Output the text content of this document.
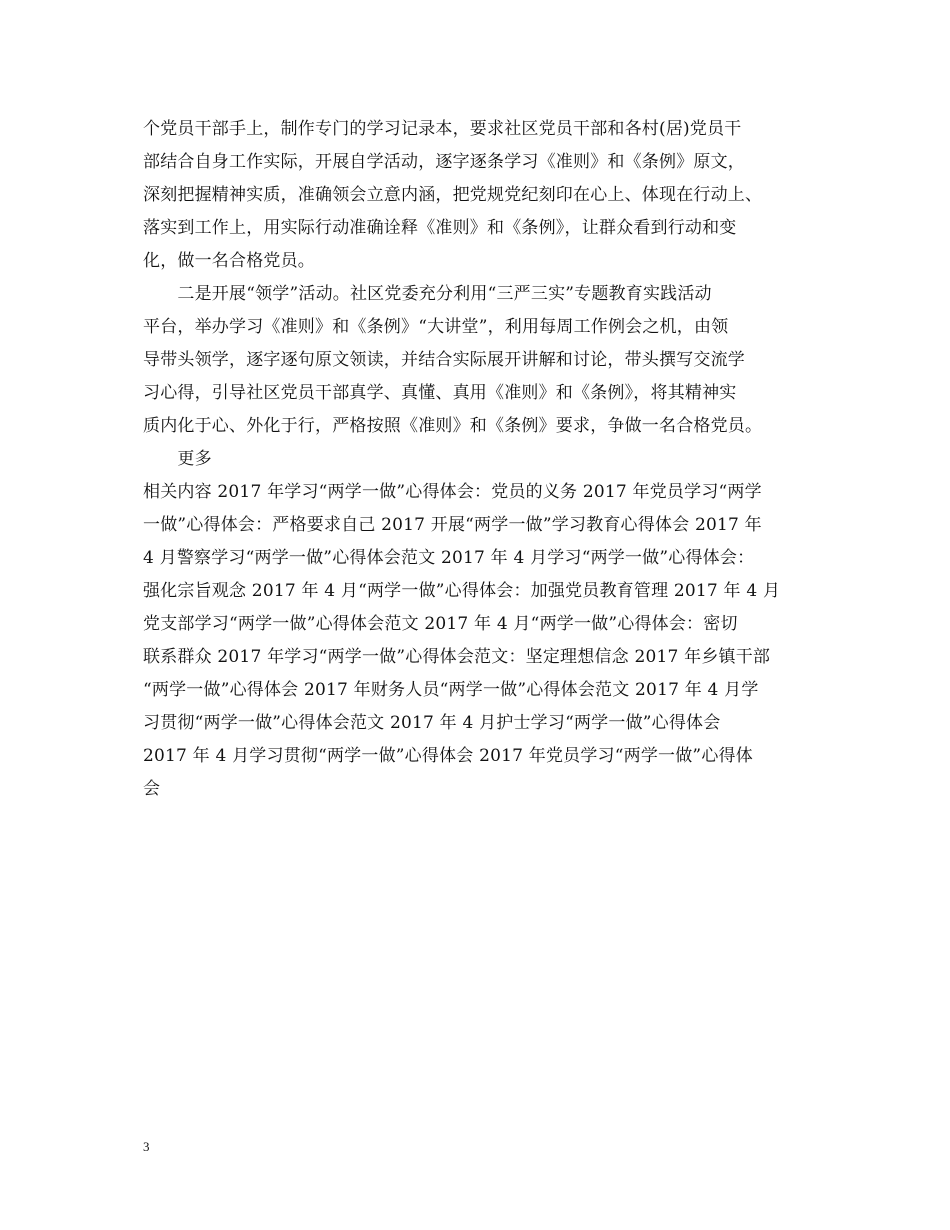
个党员干部手上，制作专门的学习记录本，要求社区党员干部和各村(居)党员干
部结合自身工作实际，开展自学活动，逐字逐条学习《准则》和《条例》原文，
深刻把握精神实质，准确领会立意内涵，把党规党纪刻印在心上、体现在行动上、
落实到工作上，用实际行动准确诠释《准则》和《条例》，让群众看到行动和变
化，做一名合格党员。
　　二是开展“领学”活动。社区党委充分利用“三严三实”专题教育实践活动
平台，举办学习《准则》和《条例》“大讲堂”，利用每周工作例会之机，由领
导带头领学，逐字逐句原文领读，并结合实际展开讲解和讨论，带头撰写交流学
习心得，引导社区党员干部真学、真懂、真用《准则》和《条例》，将其精神实
质内化于心、外化于行，严格按照《准则》和《条例》要求，争做一名合格党员。
　　更多
相关内容 2017 年学习“两学一做”心得体会：党员的义务 2017 年党员学习“两学
一做”心得体会：严格要求自己 2017 开展“两学一做”学习教育心得体会 2017 年
4 月警察学习“两学一做”心得体会范文 2017 年 4 月学习“两学一做”心得体会：
强化宗旨观念 2017 年 4 月“两学一做”心得体会：加强党员教育管理 2017 年 4 月
党支部学习“两学一做”心得体会范文 2017 年 4 月“两学一做”心得体会：密切
联系群众 2017 年学习“两学一做”心得体会范文：坚定理想信念 2017 年乡镇干部
“两学一做”心得体会 2017 年财务人员“两学一做”心得体会范文 2017 年 4 月学
习贯彻“两学一做”心得体会范文 2017 年 4 月护士学习“两学一做”心得体会
2017 年 4 月学习贯彻“两学一做”心得体会 2017 年党员学习“两学一做”心得体
会
3
